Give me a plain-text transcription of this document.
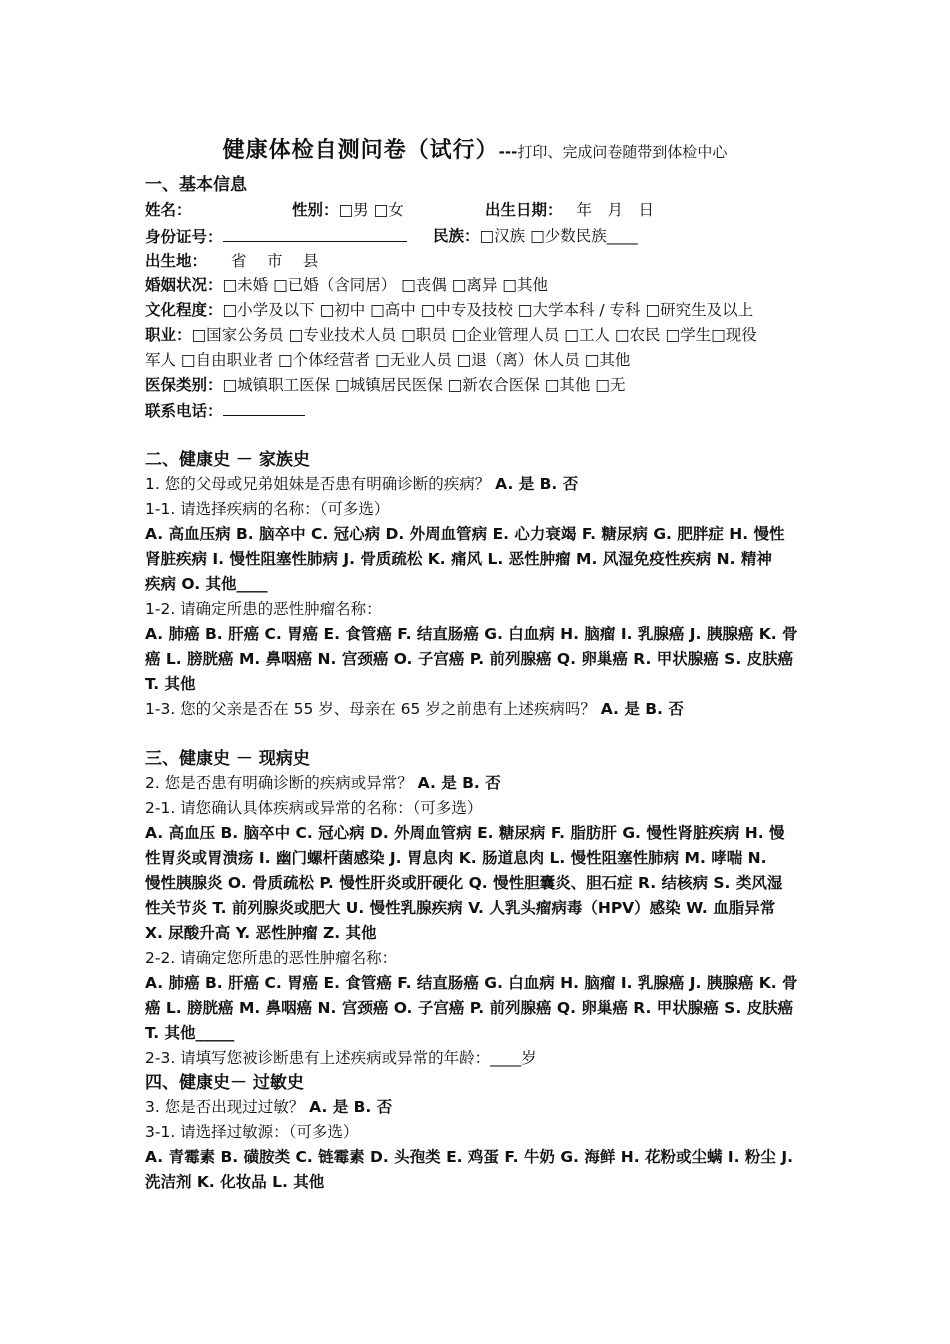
健康体检自测问卷（试行）---打印、完成问卷随带到体检中心
一、基本信息
姓名：	性别：□男 □女	出生日期： 年　月　日
身份证号：	民族：□汉族 □少数民族____
出生地： 省　 市　 县
婚姻状况：□未婚 □已婚（含同居） □丧偶 □离异 □其他
文化程度：□小学及以下 □初中 □高中 □中专及技校 □大学本科 / 专科 □研究生及以上
职业：□国家公务员 □专业技术人员 □职员 □企业管理人员 □工人 □农民 □学生□现役
军人 □自由职业者 □个体经营者 □无业人员 □退（离）休人员 □其他
医保类别：□城镇职工医保 □城镇居民医保 □新农合医保 □其他 □无
联系电话：
二、健康史 － 家族史
1. 您的父母或兄弟姐妹是否患有明确诊断的疾病？ A. 是 B. 否
1-1. 请选择疾病的名称：（可多选）
A. 高血压病 B. 脑卒中 C. 冠心病 D. 外周血管病 E. 心力衰竭 F. 糖尿病 G. 肥胖症 H. 慢性
肾脏疾病 I. 慢性阻塞性肺病 J. 骨质疏松 K. 痛风 L. 恶性肿瘤 M. 风湿免疫性疾病 N. 精神
疾病 O. 其他____
1-2. 请确定所患的恶性肿瘤名称：
A. 肺癌 B. 肝癌 C. 胃癌 E. 食管癌 F. 结直肠癌 G. 白血病 H. 脑瘤 I. 乳腺癌 J. 胰腺癌 K. 骨
癌 L. 膀胱癌 M. 鼻咽癌 N. 宫颈癌 O. 子宫癌 P. 前列腺癌 Q. 卵巢癌 R. 甲状腺癌 S. 皮肤癌
T. 其他
1-3. 您的父亲是否在 55 岁、母亲在 65 岁之前患有上述疾病吗？ A. 是 B. 否
三、健康史 － 现病史
2. 您是否患有明确诊断的疾病或异常？ A. 是 B. 否
2-1. 请您确认具体疾病或异常的名称：（可多选）
A. 高血压 B. 脑卒中 C. 冠心病 D. 外周血管病 E. 糖尿病 F. 脂肪肝 G. 慢性肾脏疾病 H. 慢
性胃炎或胃溃疡 I. 幽门螺杆菌感染 J. 胃息肉 K. 肠道息肉 L. 慢性阻塞性肺病 M. 哮喘 N.
慢性胰腺炎 O. 骨质疏松 P. 慢性肝炎或肝硬化 Q. 慢性胆囊炎、胆石症 R. 结核病 S. 类风湿
性关节炎 T. 前列腺炎或肥大 U. 慢性乳腺疾病 V. 人乳头瘤病毒（HPV）感染 W. 血脂异常
X. 尿酸升高 Y. 恶性肿瘤 Z. 其他
2-2. 请确定您所患的恶性肿瘤名称：
A. 肺癌 B. 肝癌 C. 胃癌 E. 食管癌 F. 结直肠癌 G. 白血病 H. 脑瘤 I. 乳腺癌 J. 胰腺癌 K. 骨
癌 L. 膀胱癌 M. 鼻咽癌 N. 宫颈癌 O. 子宫癌 P. 前列腺癌 Q. 卵巢癌 R. 甲状腺癌 S. 皮肤癌
T. 其他_____
2-3. 请填写您被诊断患有上述疾病或异常的年龄：____岁
四、健康史－ 过敏史
3. 您是否出现过过敏？ A. 是 B. 否
3-1. 请选择过敏源：（可多选）
A. 青霉素 B. 磺胺类 C. 链霉素 D. 头孢类 E. 鸡蛋 F. 牛奶 G. 海鲜 H. 花粉或尘螨 I. 粉尘 J.
洗洁剂 K. 化妆品 L. 其他
